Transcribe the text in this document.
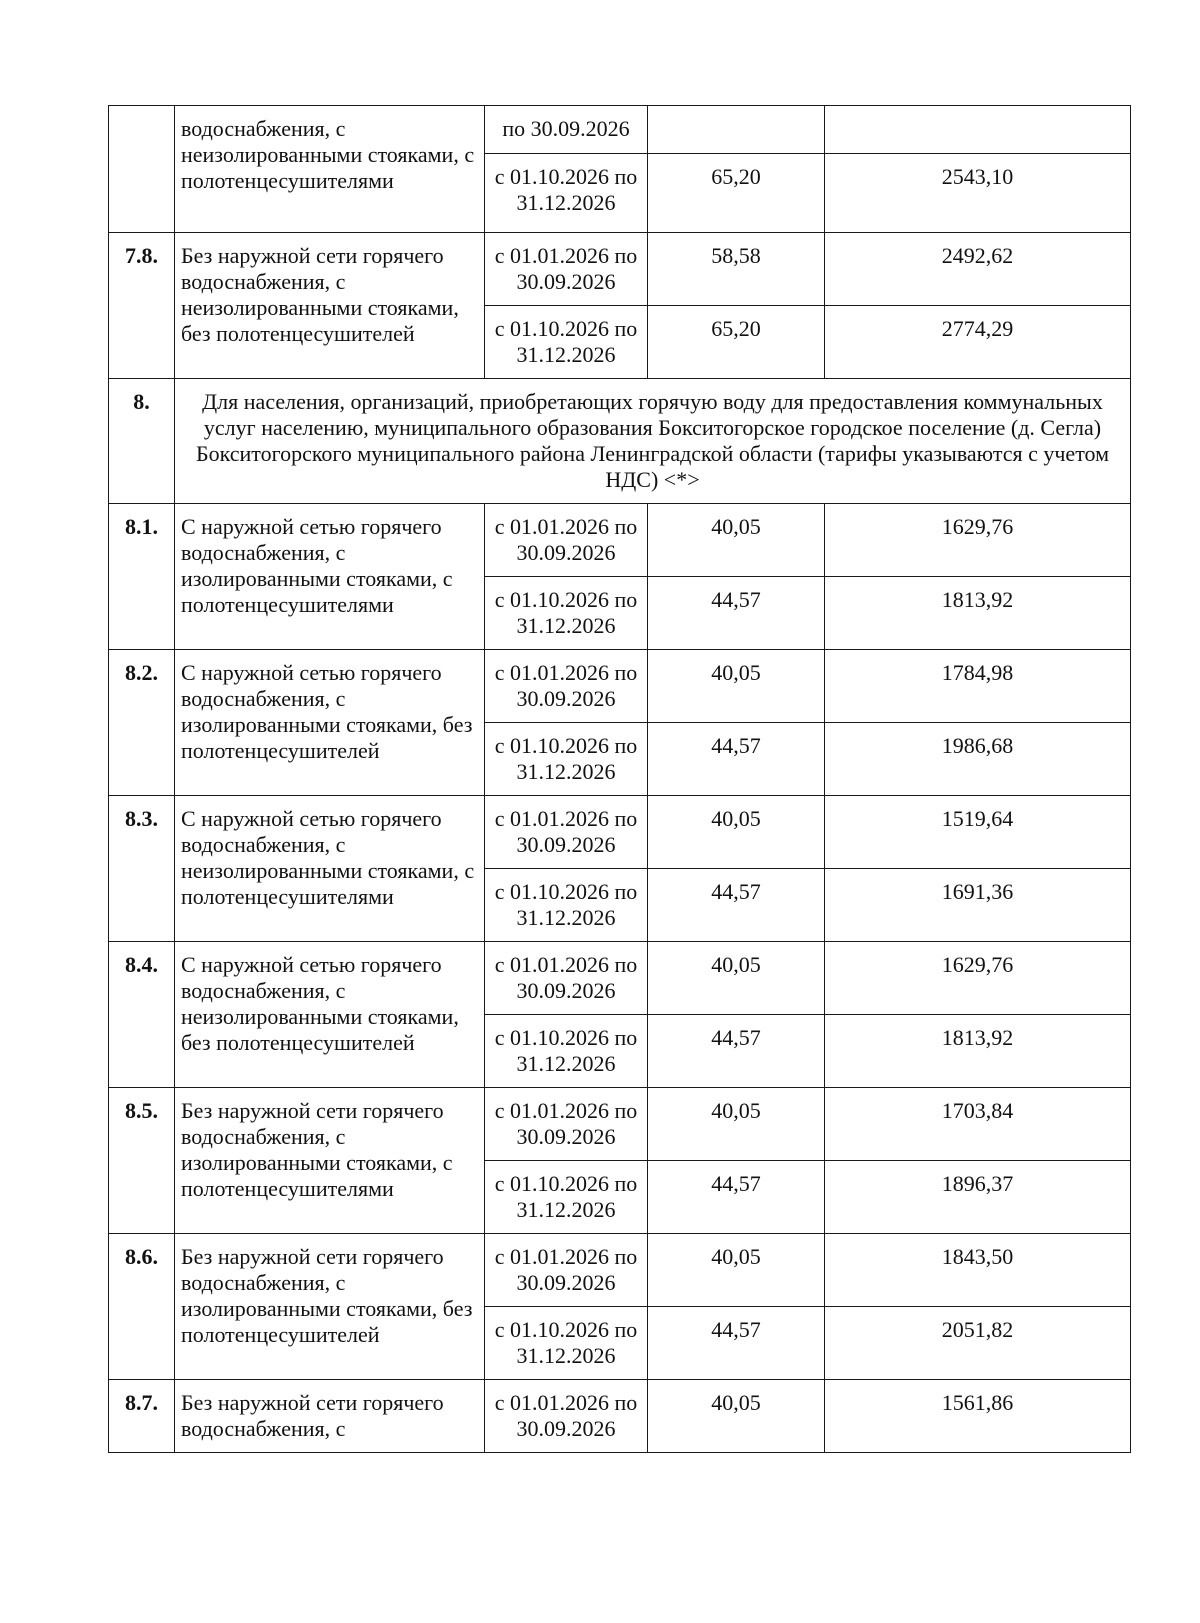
	водоснабжения, с неизолированными стояками, с полотенцесушителями	по 30.09.2026		
		с 01.10.2026 по 31.12.2026	65,20	2543,10
7.8.	Без наружной сети горячего водоснабжения, с неизолированными стояками, без полотенцесушителей	с 01.01.2026 по 30.09.2026	58,58	2492,62
		с 01.10.2026 по 31.12.2026	65,20	2774,29
8.	Для населения, организаций, приобретающих горячую воду для предоставления коммунальных услуг населению, муниципального образования Бокситогорское городское поселение (д. Сегла) Бокситогорского муниципального района Ленинградской области (тарифы указываются с учетом НДС) <*>			
8.1.	С наружной сетью горячего водоснабжения, с изолированными стояками, с полотенцесушителями	с 01.01.2026 по 30.09.2026	40,05	1629,76
		с 01.10.2026 по 31.12.2026	44,57	1813,92
8.2.	С наружной сетью горячего водоснабжения, с изолированными стояками, без полотенцесушителей	с 01.01.2026 по 30.09.2026	40,05	1784,98
		с 01.10.2026 по 31.12.2026	44,57	1986,68
8.3.	С наружной сетью горячего водоснабжения, с неизолированными стояками, с полотенцесушителями	с 01.01.2026 по 30.09.2026	40,05	1519,64
		с 01.10.2026 по 31.12.2026	44,57	1691,36
8.4.	С наружной сетью горячего водоснабжения, с неизолированными стояками, без полотенцесушителей	с 01.01.2026 по 30.09.2026	40,05	1629,76
		с 01.10.2026 по 31.12.2026	44,57	1813,92
8.5.	Без наружной сети горячего водоснабжения, с изолированными стояками, с полотенцесушителями	с 01.01.2026 по 30.09.2026	40,05	1703,84
		с 01.10.2026 по 31.12.2026	44,57	1896,37
8.6.	Без наружной сети горячего водоснабжения, с изолированными стояками, без полотенцесушителей	с 01.01.2026 по 30.09.2026	40,05	1843,50
		с 01.10.2026 по 31.12.2026	44,57	2051,82
8.7.	Без наружной сети горячего водоснабжения, с	с 01.01.2026 по 30.09.2026	40,05	1561,86
